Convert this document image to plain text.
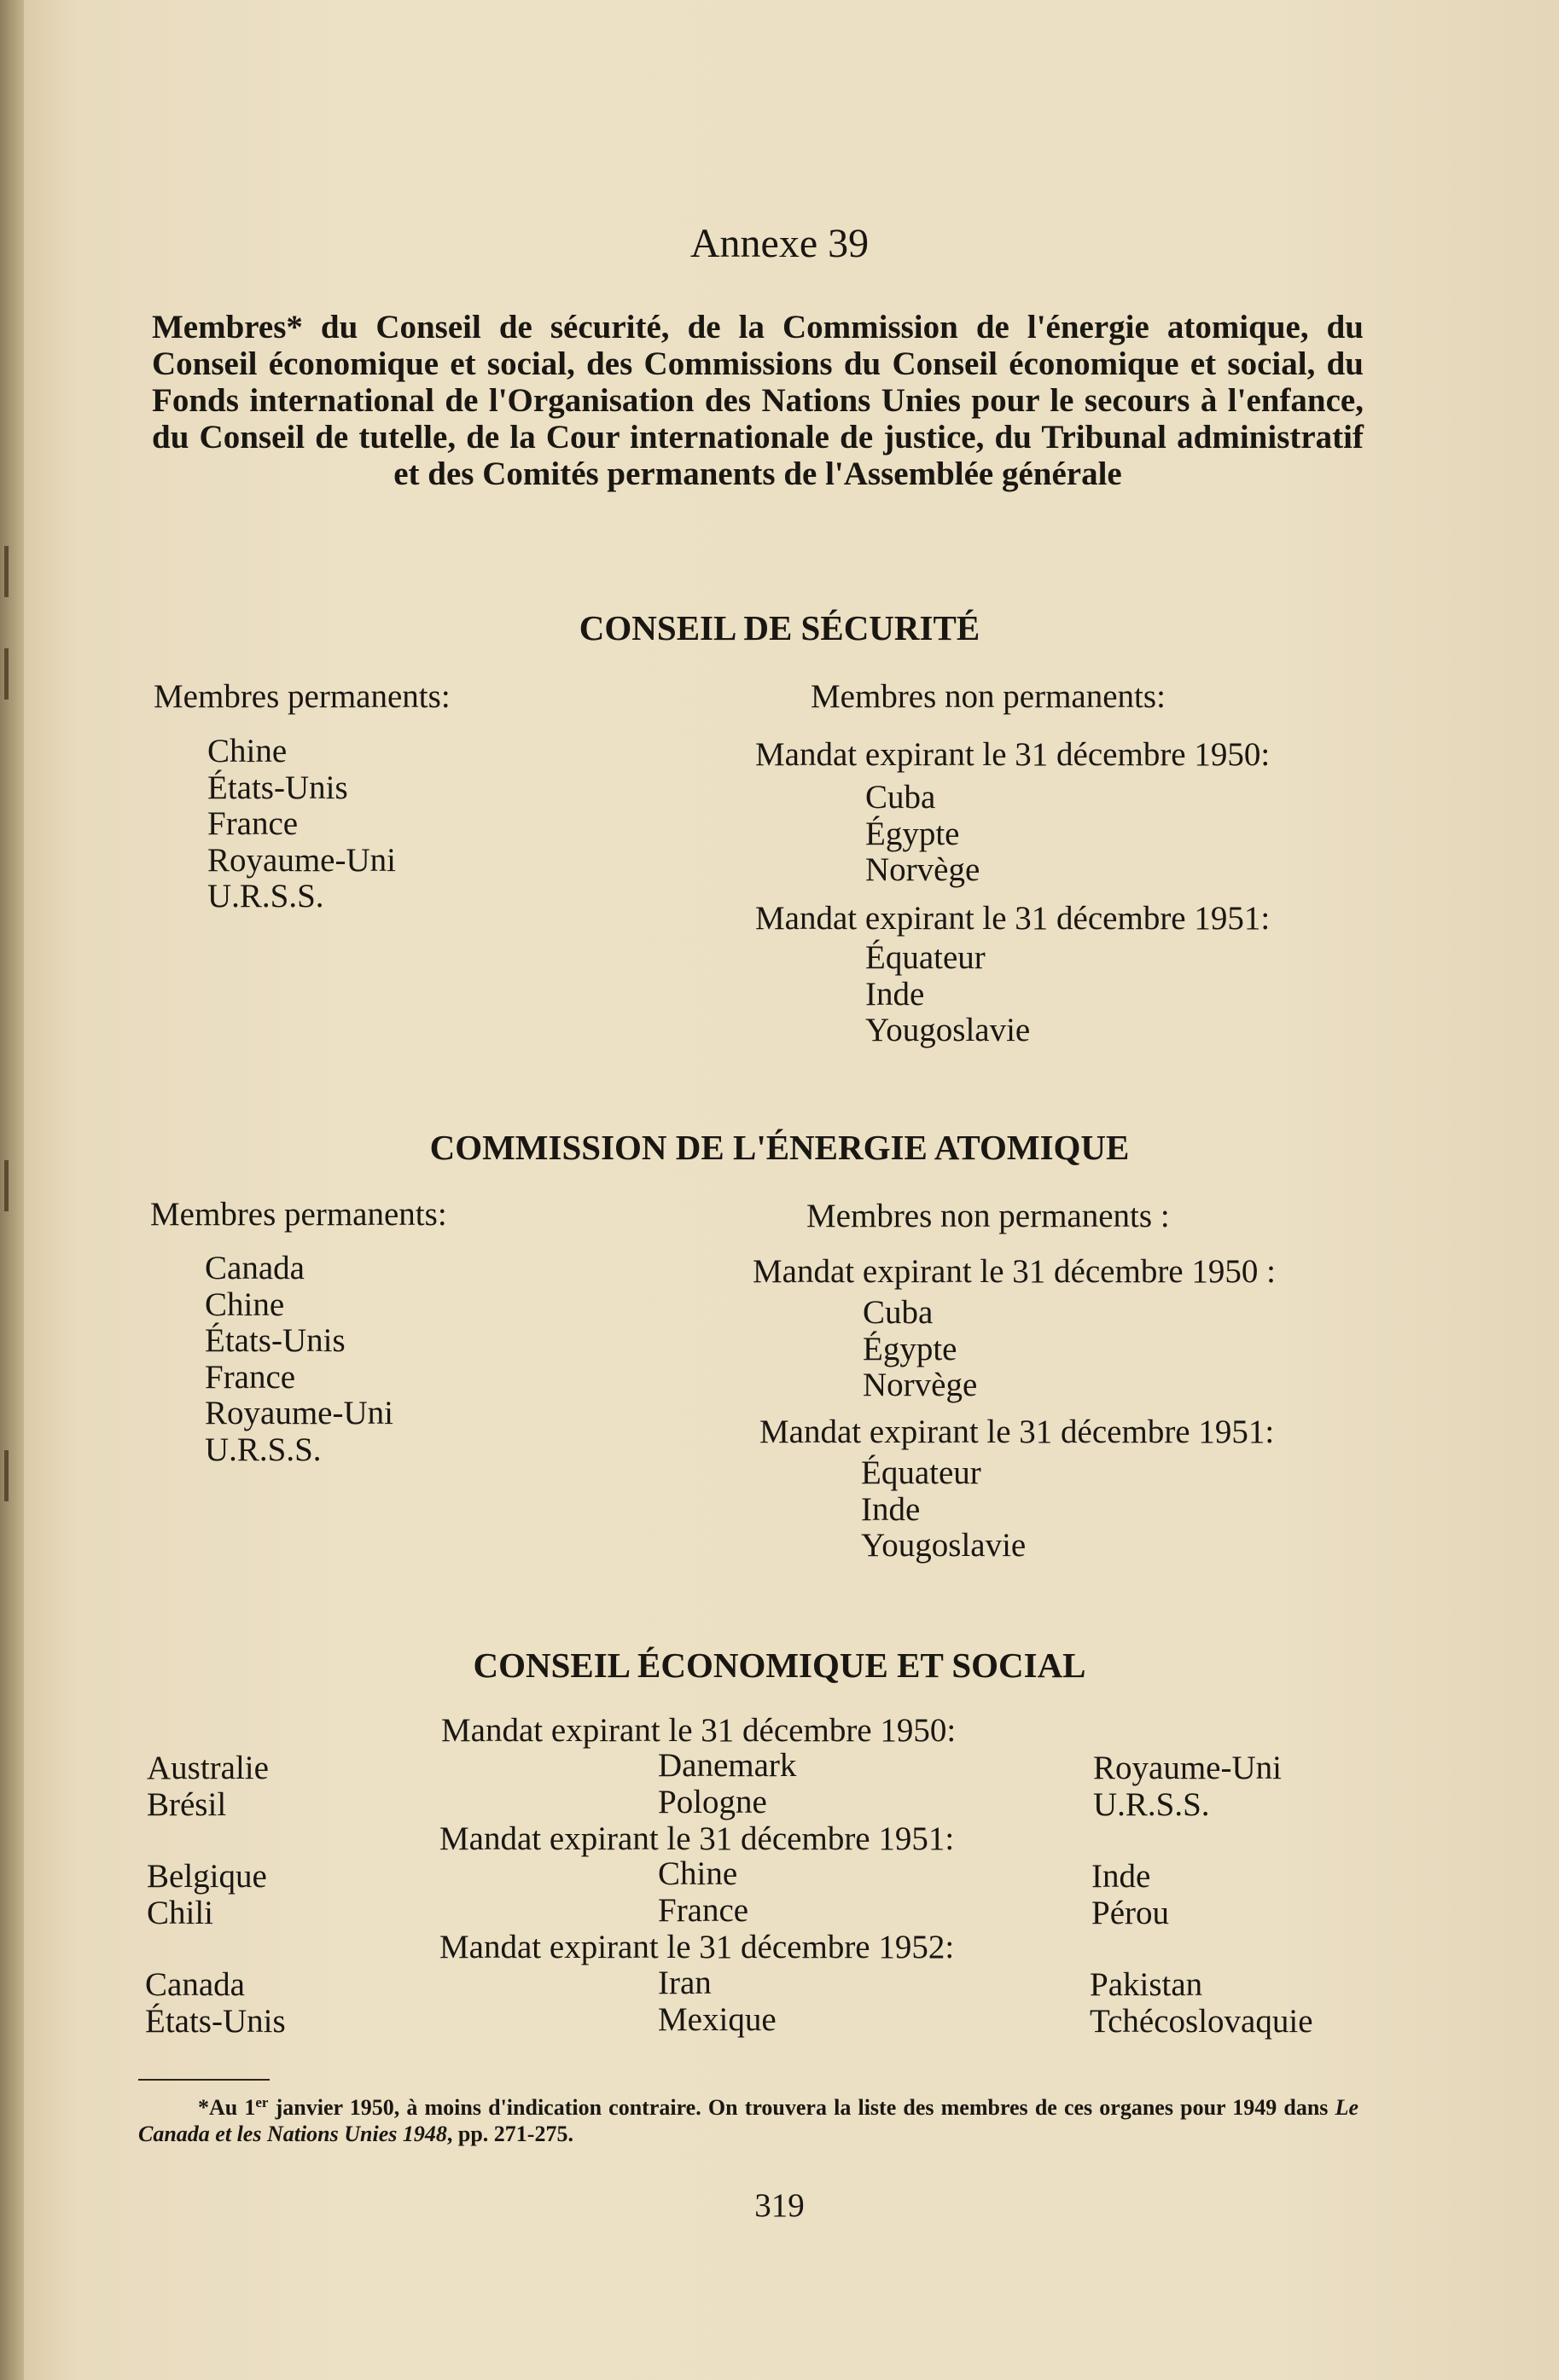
Annexe 39
Membres* du Conseil de sécurité, de la Commission de l'énergie atomique, du Conseil économique et social, des Commissions du Conseil économique et social, du Fonds international de l'Organisation des Nations Unies pour le secours à l'enfance, du Conseil de tutelle, de la Cour internationale de justice, du Tribunal administratif et des Comités permanents de l'Assemblée générale
CONSEIL DE SÉCURITÉ
Membres permanents:	Membres non permanents:
Chine
États-Unis
France
Royaume-Uni
U.R.S.S.
Mandat expirant le 31 décembre 1950:
Cuba
Égypte
Norvège
Mandat expirant le 31 décembre 1951:
Équateur
Inde
Yougoslavie
COMMISSION DE L'ÉNERGIE ATOMIQUE
Membres permanents:	Membres non permanents :
Canada
Chine
États-Unis
France
Royaume-Uni
U.R.S.S.
Mandat expirant le 31 décembre 1950 :
Cuba
Égypte
Norvège
Mandat expirant le 31 décembre 1951:
Équateur
Inde
Yougoslavie
CONSEIL ÉCONOMIQUE ET SOCIAL
Mandat expirant le 31 décembre 1950:
Australie
Brésil
Danemark
Pologne
Royaume-Uni
U.R.S.S.
Mandat expirant le 31 décembre 1951:
Belgique
Chili
Chine
France
Inde
Pérou
Mandat expirant le 31 décembre 1952:
Canada
États-Unis
Iran
Mexique
Pakistan
Tchécoslovaquie
*Au 1er janvier 1950, à moins d'indication contraire. On trouvera la liste des membres de ces organes pour 1949 dans Le Canada et les Nations Unies 1948, pp. 271-275.
319
